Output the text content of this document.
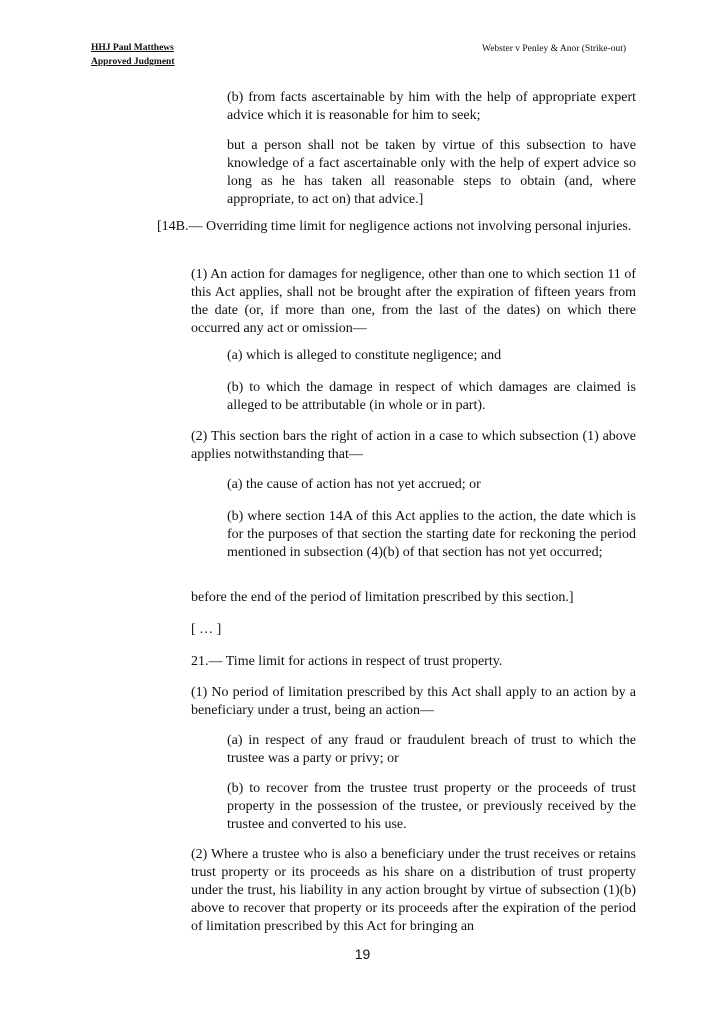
HHJ Paul Matthews
Approved Judgment
Webster v Penley & Anor (Strike-out)

(b) from facts ascertainable by him with the help of appropriate expert advice which it is reasonable for him to seek;

but a person shall not be taken by virtue of this subsection to have knowledge of a fact ascertainable only with the help of expert advice so long as he has taken all reasonable steps to obtain (and, where appropriate, to act on) that advice.]

[14B.— Overriding time limit for negligence actions not involving personal injuries.

(1) An action for damages for negligence, other than one to which section 11 of this Act applies, shall not be brought after the expiration of fifteen years from the date (or, if more than one, from the last of the dates) on which there occurred any act or omission—

(a) which is alleged to constitute negligence; and

(b) to which the damage in respect of which damages are claimed is alleged to be attributable (in whole or in part).

(2) This section bars the right of action in a case to which subsection (1) above applies notwithstanding that—

(a) the cause of action has not yet accrued; or

(b) where section 14A of this Act applies to the action, the date which is for the purposes of that section the starting date for reckoning the period mentioned in subsection (4)(b) of that section has not yet occurred;

before the end of the period of limitation prescribed by this section.]

[ … ]

21.— Time limit for actions in respect of trust property.

(1) No period of limitation prescribed by this Act shall apply to an action by a beneficiary under a trust, being an action—

(a) in respect of any fraud or fraudulent breach of trust to which the trustee was a party or privy; or

(b) to recover from the trustee trust property or the proceeds of trust property in the possession of the trustee, or previously received by the trustee and converted to his use.

(2) Where a trustee who is also a beneficiary under the trust receives or retains trust property or its proceeds as his share on a distribution of trust property under the trust, his liability in any action brought by virtue of subsection (1)(b) above to recover that property or its proceeds after the expiration of the period of limitation prescribed by this Act for bringing an

19
